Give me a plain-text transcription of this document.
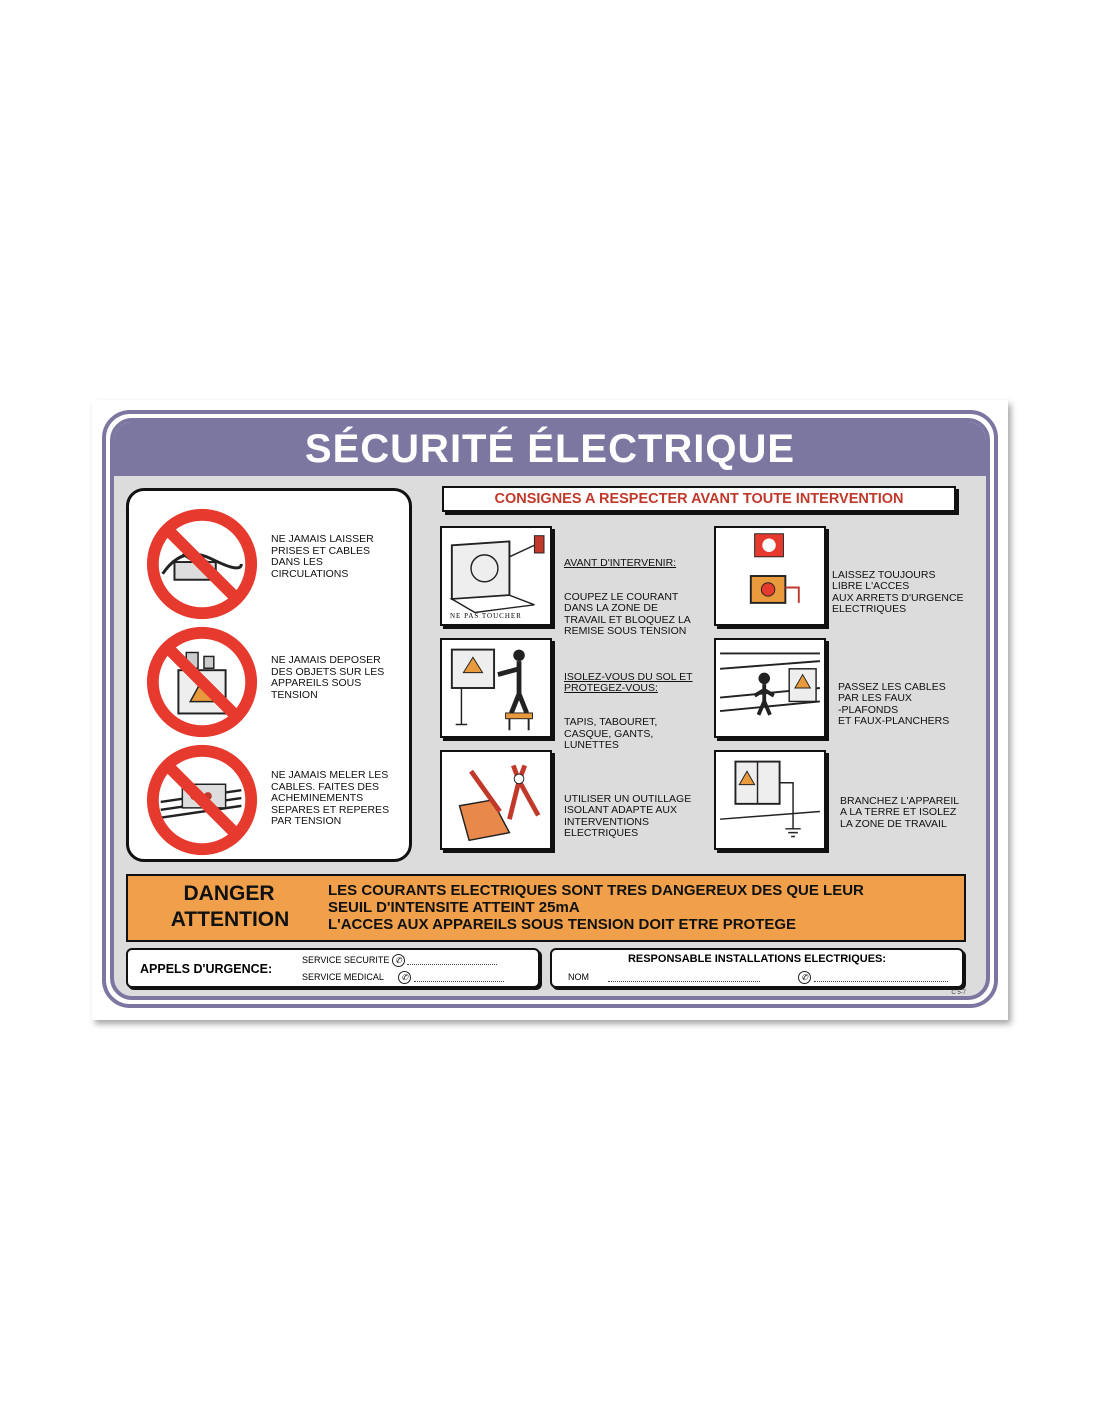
SÉCURITÉ ÉLECTRIQUE
NE JAMAIS LAISSER
PRISES ET CABLES
DANS LES
CIRCULATIONS
NE JAMAIS DEPOSER
DES OBJETS SUR LES
APPAREILS SOUS
TENSION
NE JAMAIS MELER LES
CABLES. FAITES DES
ACHEMINEMENTS
SEPARES ET REPERES
PAR TENSION
CONSIGNES A RESPECTER AVANT TOUTE INTERVENTION
NE PAS TOUCHER

AVANT D'INTERVENIR:

COUPEZ LE COURANT
DANS LA ZONE DE
TRAVAIL ET BLOQUEZ LA
REMISE SOUS TENSION

LAISSEZ TOUJOURS
LIBRE L'ACCES
AUX ARRETS D'URGENCE
ELECTRIQUES

ISOLEZ-VOUS DU SOL ET
PROTEGEZ-VOUS:

TAPIS, TABOURET,
CASQUE, GANTS,
LUNETTES

PASSEZ LES CABLES
PAR LES FAUX
-PLAFONDS
ET FAUX-PLANCHERS

UTILISER UN OUTILLAGE
ISOLANT ADAPTE AUX
INTERVENTIONS
ELECTRIQUES

BRANCHEZ L'APPAREIL
A LA TERRE ET ISOLEZ
LA ZONE DE TRAVAIL

DANGER
ATTENTION
LES COURANTS ELECTRIQUES SONT TRES DANGEREUX DES QUE LEUR
SEUIL D'INTENSITE ATTEINT 25mA
L'ACCES AUX APPAREILS SOUS TENSION DOIT ETRE PROTEGE
APPELS D'URGENCE:
SERVICE SECURITE ✆
SERVICE MEDICAL ✆
RESPONSABLE INSTALLATIONS ELECTRIQUES:
NOM	✆
C 5-7
